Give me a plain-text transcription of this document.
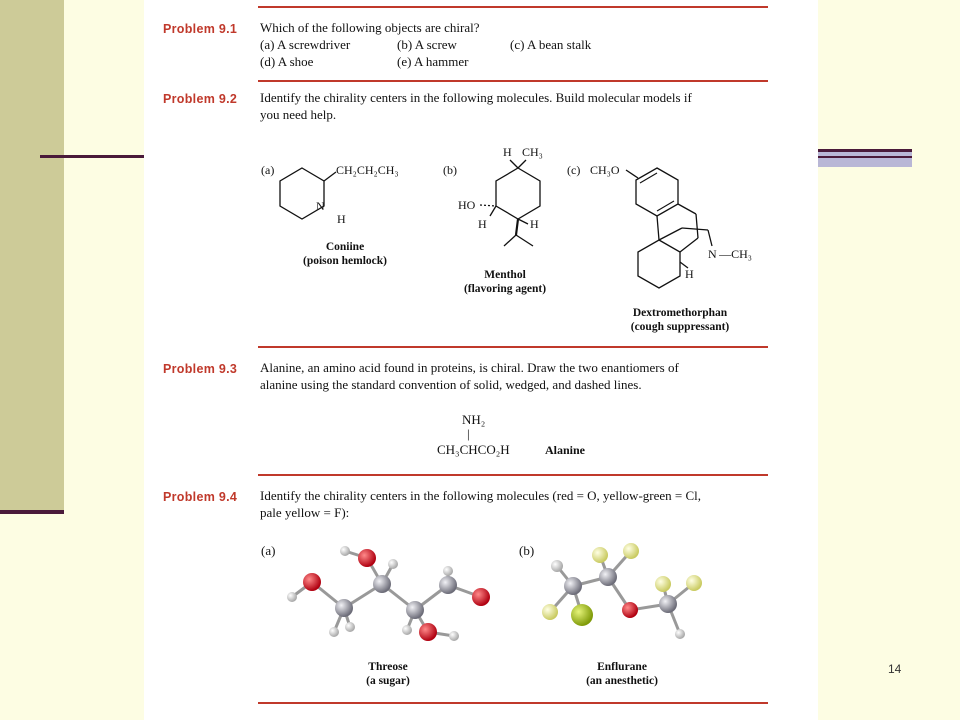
Problem 9.1 Which of the following objects are chiral?
(a) A screwdriver	(b) A screw	(c) A bean stalk
(d) A shoe	(e) A hammer
Problem 9.2 Identify the chirality centers in the following molecules. Build molecular models if
you need help.
(a)	CH₂CH₂CH₃
N
H
(b)
H CH₃
HO
H	H
(c) CH₃O
N —CH₃
H
Coniine
(poison hemlock)
Menthol
(flavoring agent)
Dextromethorphan
(cough suppressant)
Problem 9.3 Alanine, an amino acid found in proteins, is chiral. Draw the two enantiomers of
alanine using the standard convention of solid, wedged, and dashed lines.
NH₂
|
CH₃CHCO₂H	Alanine
Problem 9.4 Identify the chirality centers in the following molecules (red = O, yellow-green = Cl,
pale yellow = F):
(a)	(b)
Threose
(a sugar)
Enflurane
(an anesthetic)
14
